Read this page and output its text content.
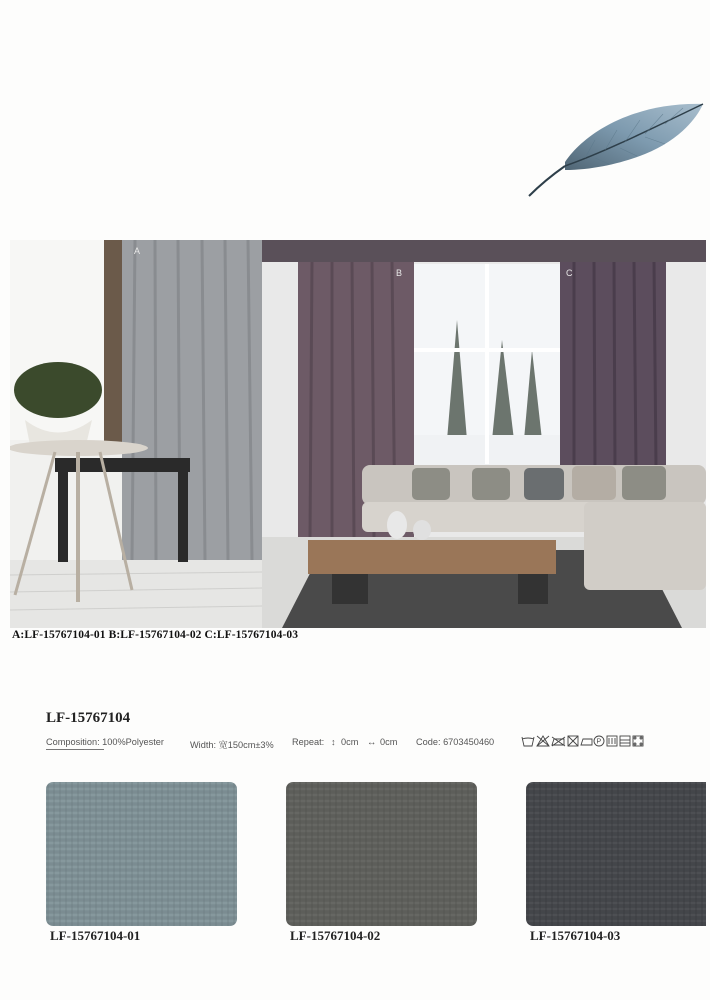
A
B	C
A:LF-15767104-01 B:LF-15767104-02 C:LF-15767104-03
LF-15767104
Composition: 100%Polyester	Width: 宽150cm±3% Repeat: ↕ 0cm ↔ 0cm Code: 6703450460	P
LF-15767104-01	LF-15767104-02	LF-15767104-03
